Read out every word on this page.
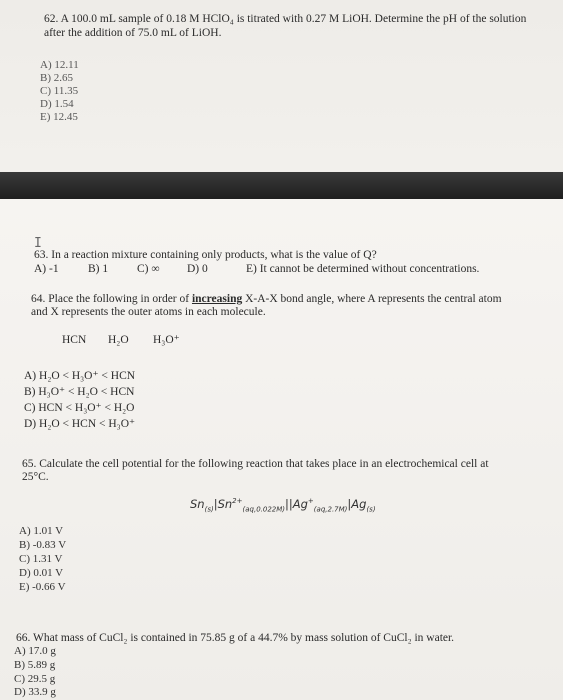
62. A 100.0 mL sample of 0.18 M HClO₄ is titrated with 0.27 M LiOH. Determine the pH of the solution
after the addition of 75.0 mL of LiOH.
A) 12.11
B) 2.65
C) 11.35
D) 1.54
E) 12.45
I
63. In a reaction mixture containing only products, what is the value of Q?
A) -1	B) 1	C) ∞ D) 0	E) It cannot be determined without concentrations.
64. Place the following in order of increasing X-A-X bond angle, where A represents the central atom
and X represents the outer atoms in each molecule.
HCN H₂O H₃O⁺
A) H₂O < H₃O⁺ < HCN
B) H₃O⁺ < H₂O < HCN
C) HCN < H₃O⁺ < H₂O
D) H₂O < HCN < H₃O⁺
65. Calculate the cell potential for the following reaction that takes place in an electrochemical cell at
25°C.
$Sn_{(s)}|Sn^{2+}_{(aq,0.022M)}||Ag^+_{(aq,2.7M)}|Ag_{(s)}$
A) 1.01 V
B) -0.83 V
C) 1.31 V
D) 0.01 V
E) -0.66 V
66. What mass of CuCl₂ is contained in 75.85 g of a 44.7% by mass solution of CuCl₂ in water.
A) 17.0 g
B) 5.89 g
C) 29.5 g
D) 33.9 g
